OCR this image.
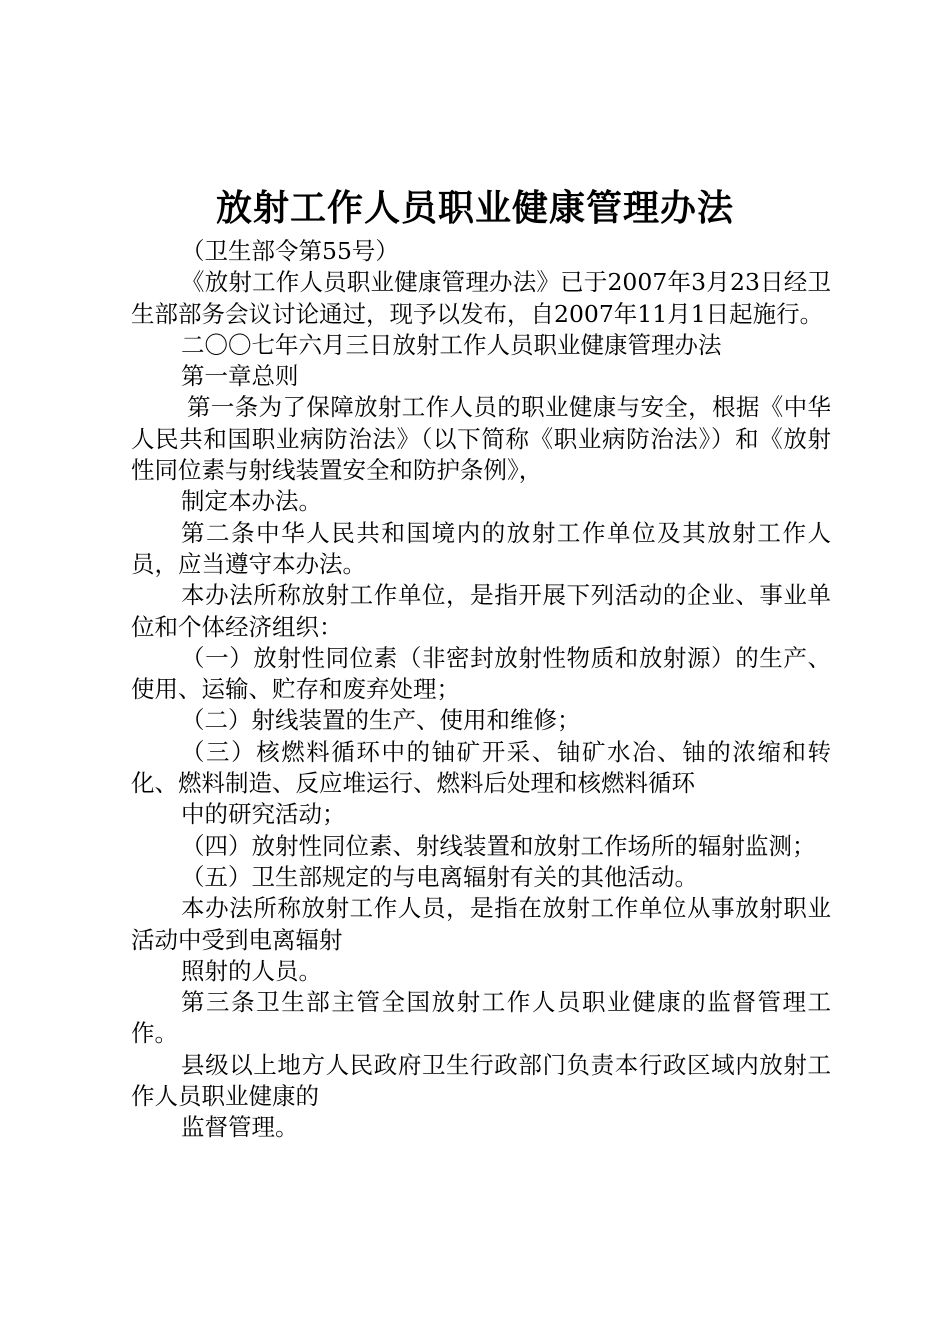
放射工作人员职业健康管理办法

（卫生部令第55号）

《放射工作人员职业健康管理办法》已于2007年3月23日经卫生部部务会议讨论通过，现予以发布，自2007年11月1日起施行。

二〇〇七年六月三日放射工作人员职业健康管理办法

第一章总则

第一条为了保障放射工作人员的职业健康与安全，根据《中华人民共和国职业病防治法》（以下简称《职业病防治法》）和《放射性同位素与射线装置安全和防护条例》，

制定本办法。

第二条中华人民共和国境内的放射工作单位及其放射工作人员，应当遵守本办法。

本办法所称放射工作单位，是指开展下列活动的企业、事业单位和个体经济组织：

（一）放射性同位素（非密封放射性物质和放射源）的生产、使用、运输、贮存和废弃处理；

（二）射线装置的生产、使用和维修；

（三）核燃料循环中的铀矿开采、铀矿水冶、铀的浓缩和转化、燃料制造、反应堆运行、燃料后处理和核燃料循环

中的研究活动；

（四）放射性同位素、射线装置和放射工作场所的辐射监测；

（五）卫生部规定的与电离辐射有关的其他活动。

本办法所称放射工作人员，是指在放射工作单位从事放射职业活动中受到电离辐射

照射的人员。

第三条卫生部主管全国放射工作人员职业健康的监督管理工作。

县级以上地方人民政府卫生行政部门负责本行政区域内放射工作人员职业健康的

监督管理。
